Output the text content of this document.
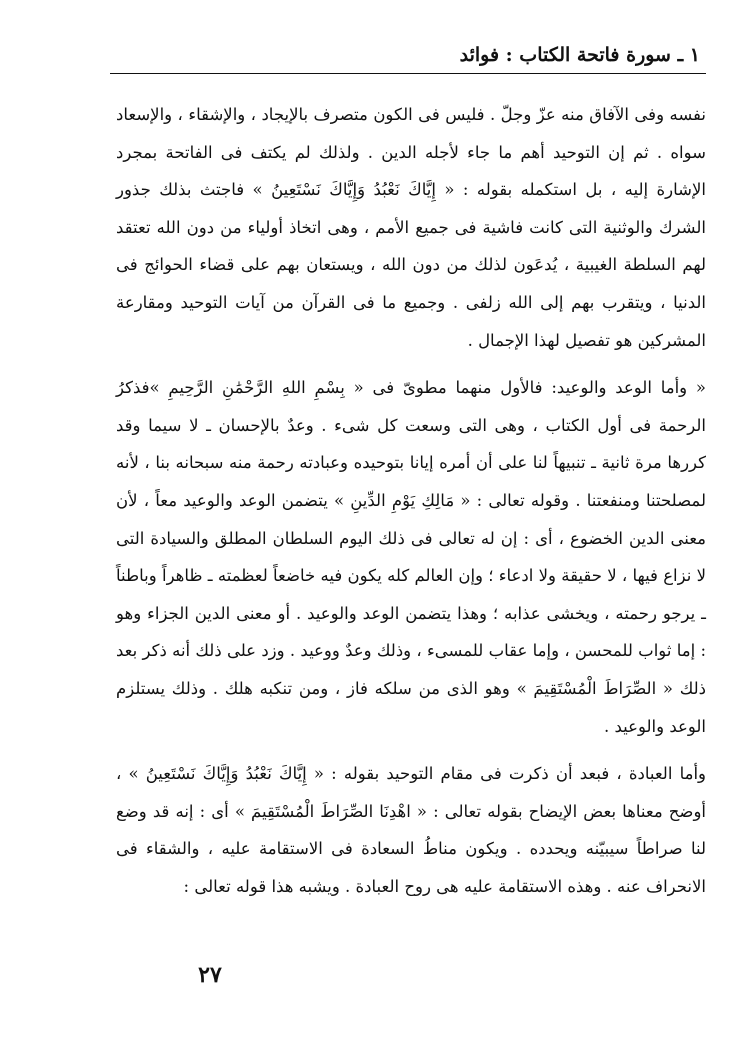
١ ـ سورة فاتحة الكتاب : فوائد

نفسه وفى الآفاق منه عزّ وجلّ . فليس فى الكون متصرف بالإيجاد ، والإشقاء ، والإسعاد سواه . ثم إن التوحيد أهم ما جاء لأجله الدين . ولذلك لم يكتف فى الفاتحة بمجرد الإشارة إليه ، بل استكمله بقوله : « إِيَّاكَ نَعْبُدُ وَإِيَّاكَ نَسْتَعِينُ » فاجتث بذلك جذور الشرك والوثنية التى كانت فاشية فى جميع الأمم ، وهى اتخاذ أولياء من دون الله تعتقد لهم السلطة الغيبية ، يُدعَون لذلك من دون الله ، ويستعان بهم على قضاء الحوائج فى الدنيا ، ويتقرب بهم إلى الله زلفى . وجميع ما فى القرآن من آيات التوحيد ومقارعة المشركين هو تفصيل لهذا الإجمال .

« وأما الوعد والوعيد: فالأول منهما مطوىّ فى « بِسْمِ اللهِ الرَّحْمَٰنِ الرَّحِيمِ »فذكرُ الرحمة فى أول الكتاب ، وهى التى وسعت كل شىء . وعدٌ بالإحسان ـ لا سيما وقد كررها مرة ثانية ـ تنبيهاً لنا على أن أمره إيانا بتوحيده وعبادته رحمة منه سبحانه بنا ، لأنه لمصلحتنا ومنفعتنا . وقوله تعالى : « مَالِكِ يَوْمِ الدِّينِ » يتضمن الوعد والوعيد معاً ، لأن معنى الدين الخضوع ، أى : إن له تعالى فى ذلك اليوم السلطان المطلق والسيادة التى لا نزاع فيها ، لا حقيقة ولا ادعاء ؛ وإن العالم كله يكون فيه خاضعاً لعظمته ـ ظاهراً وباطناً ـ يرجو رحمته ، ويخشى عذابه ؛ وهذا يتضمن الوعد والوعيد . أو معنى الدين الجزاء وهو : إما ثواب للمحسن ، وإما عقاب للمسىء ، وذلك وعدٌ ووعيد . وزد على ذلك أنه ذكر بعد ذلك « الصِّرَاطَ الْمُسْتَقِيمَ » وهو الذى من سلكه فاز ، ومن تنكبه هلك . وذلك يستلزم الوعد والوعيد .

وأما العبادة ، فبعد أن ذكرت فى مقام التوحيد بقوله : « إِيَّاكَ نَعْبُدُ وَإِيَّاكَ نَسْتَعِينُ » ، أوضح معناها بعض الإيضاح بقوله تعالى : « اهْدِنَا الصِّرَاطَ الْمُسْتَقِيمَ » أى : إنه قد وضع لنا صراطاً سيبيّنه ويحدده . ويكون مناطُ السعادة فى الاستقامة عليه ، والشقاء فى الانحراف عنه . وهذه الاستقامة عليه هى روح العبادة . ويشبه هذا قوله تعالى :

٢٧
